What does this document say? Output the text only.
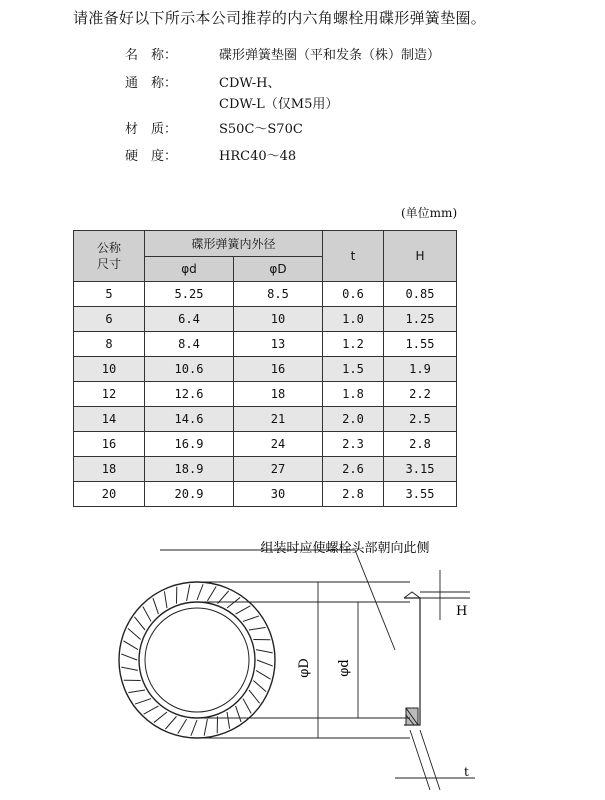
请准备好以下所示本公司推荐的内六角螺栓用碟形弹簧垫圈。
名　称：	碟形弹簧垫圈（平和发条（株）制造）
通　称：	CDW-H、
CDW-L（仅M5用）
材　质：	S50C～S70C
硬　度：	HRC40～48
(单位mm)
公称尺寸	碟形弹簧内外径		t	H
	φd	φD		
5	5.25	8.5	0.6	0.85
6	6.4	10	1.0	1.25
8	8.4	13	1.2	1.55
10	10.6	16	1.5	1.9
12	12.6	18	1.8	2.2
14	14.6	21	2.0	2.5
16	16.9	24	2.3	2.8
18	18.9	27	2.6	3.15
20	20.9	30	2.8	3.55
组装时应使螺栓头部朝向此侧
φD φd
H
t
